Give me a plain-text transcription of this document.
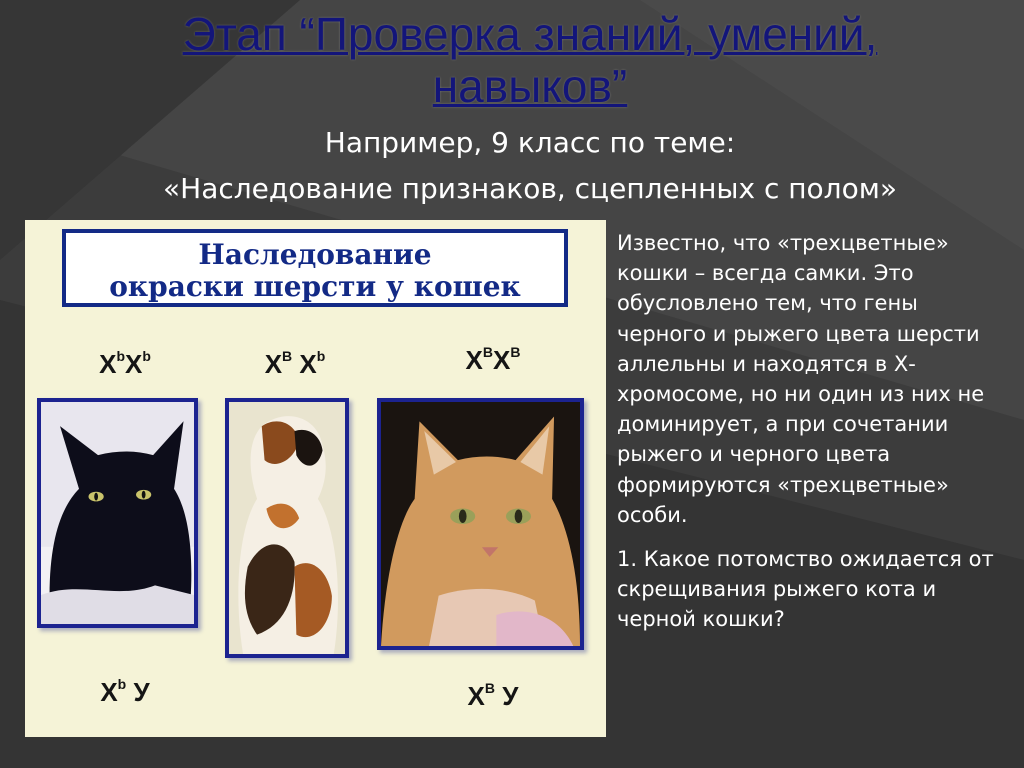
Этап “Проверка знаний, умений,
навыков”
Например, 9 класс по теме:
«Наследование признаков, сцепленных с полом»
Наследование
окраски шерсти у кошек
$X^bX^b$	$X^B$ $X^b$	$X^BX^B$
$X^b$ У	$X^B$ У

Известно, что «трехцветные» кошки – всегда самки. Это обусловлено тем, что гены черного и рыжего цвета шерсти аллельны и находятся в Х-хромосоме, но ни один из них не доминирует, а при сочетании рыжего и черного цвета формируются «трехцветные» особи.

1. Какое потомство ожидается от скрещивания рыжего кота и черной кошки?
